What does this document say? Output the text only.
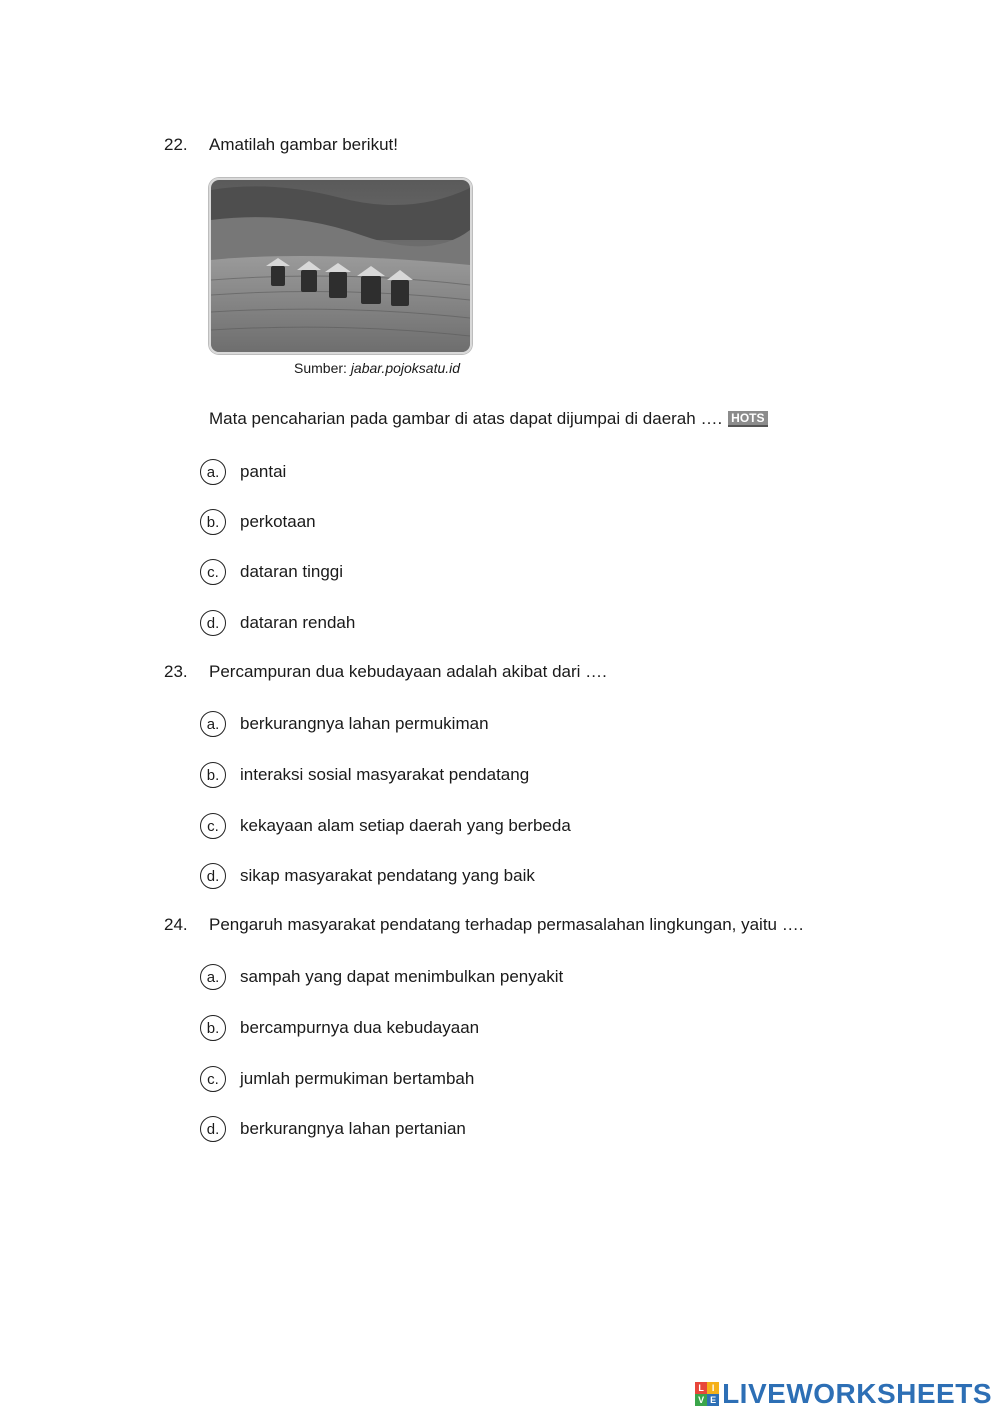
22. Amatilah gambar berikut!
Sumber: jabar.pojoksatu.id
Mata pencaharian pada gambar di atas dapat dijumpai di daerah …. HOTS
a.	pantai
b.	perkotaan
c.	dataran tinggi
d.	dataran rendah
23. Percampuran dua kebudayaan adalah akibat dari ….
a.	berkurangnya lahan permukiman
b.	interaksi sosial masyarakat pendatang
c.	kekayaan alam setiap daerah yang berbeda
d.	sikap masyarakat pendatang yang baik
24. Pengaruh masyarakat pendatang terhadap permasalahan lingkungan, yaitu ….
a.	sampah yang dapat menimbulkan penyakit
b.	bercampurnya dua kebudayaan
c.	jumlah permukiman bertambah
d.	berkurangnya lahan pertanian
L I
V E LIVEWORKSHEETS
